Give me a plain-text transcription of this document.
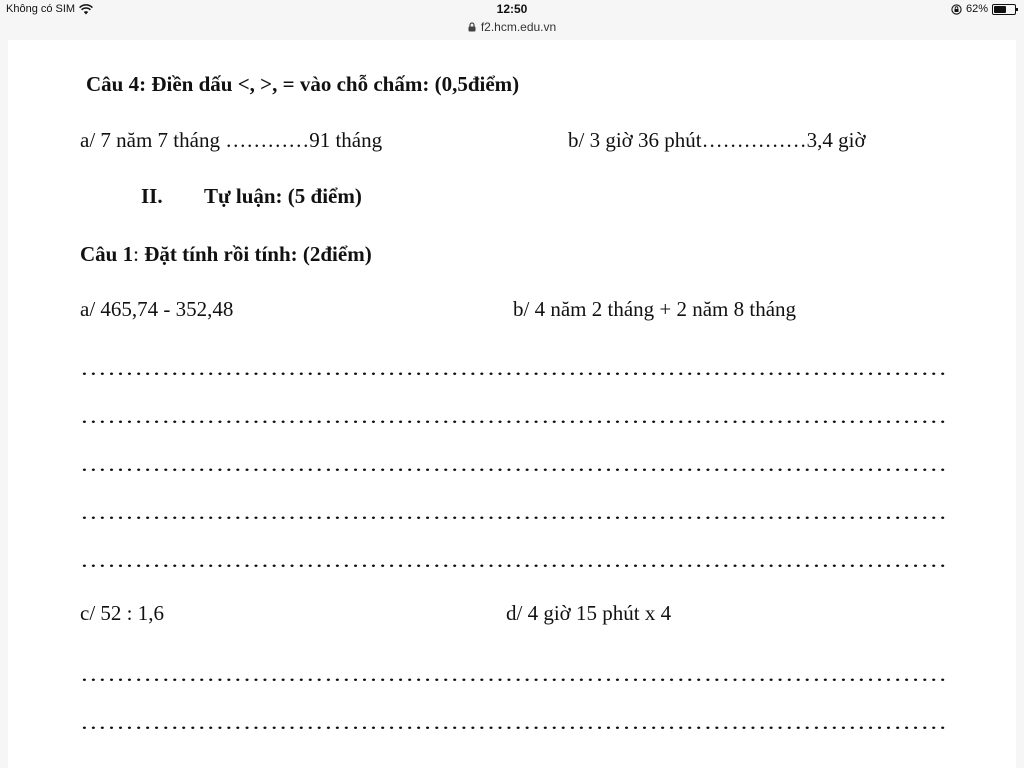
Không có SIM	12:50
f2.hcm.edu.vn
62%
Câu 4: Điền dấu <, >, = vào chỗ chấm: (0,5điểm)
a/ 7 năm 7 tháng …………91 tháng	b/ 3 giờ 36 phút……………3,4 giờ
II. Tự luận: (5 điểm)
Câu 1: Đặt tính rồi tính: (2điểm)
a/ 465,74 - 352,48	b/ 4 năm 2 tháng + 2 năm 8 tháng
……………………………………………………………………………………
……………………………………………………………………………………
……………………………………………………………………………………
……………………………………………………………………………………
……………………………………………………………………………………
c/ 52 : 1,6	d/ 4 giờ 15 phút x 4
……………………………………………………………………………………
……………………………………………………………………………………
